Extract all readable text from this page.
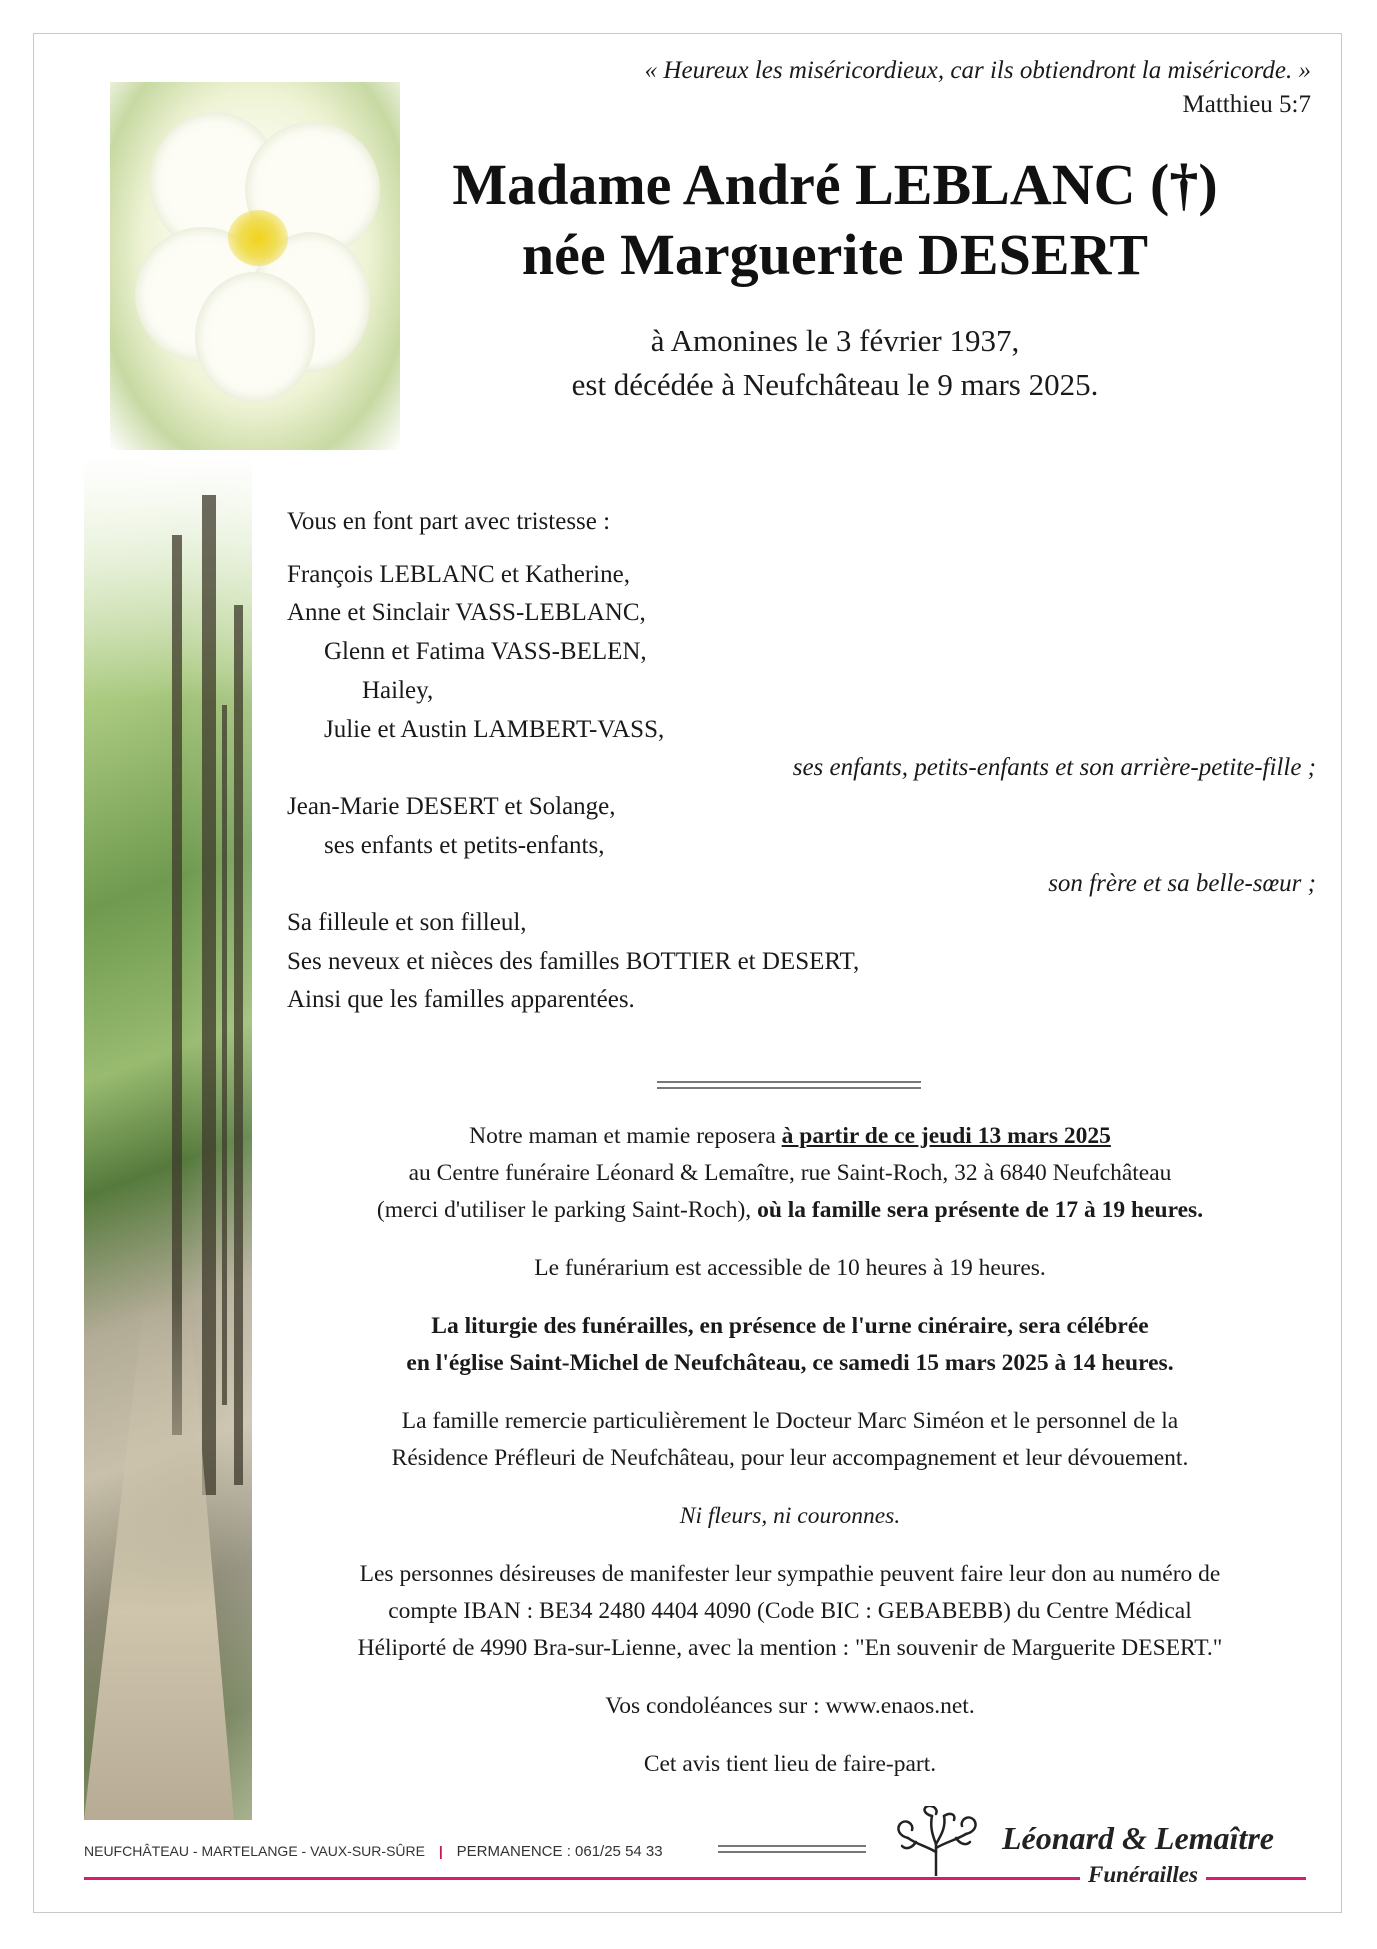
« Heureux les miséricordieux, car ils obtiendront la miséricorde. »
Matthieu 5:7
Madame André LEBLANC (†)
née Marguerite DESERT
à Amonines le 3 février 1937,
est décédée à Neufchâteau le 9 mars 2025.
Vous en font part avec tristesse :
François LEBLANC et Katherine,
Anne et Sinclair VASS-LEBLANC,
Glenn et Fatima VASS-BELEN,
Hailey,
Julie et Austin LAMBERT-VASS,
ses enfants, petits-enfants et son arrière-petite-fille ;
Jean-Marie DESERT et Solange,
ses enfants et petits-enfants,
son frère et sa belle-sœur ;
Sa filleule et son filleul,
Ses neveux et nièces des familles BOTTIER et DESERT,
Ainsi que les familles apparentées.

Notre maman et mamie reposera à partir de ce jeudi 13 mars 2025
au Centre funéraire Léonard & Lemaître, rue Saint-Roch, 32 à 6840 Neufchâteau
(merci d'utiliser le parking Saint-Roch), où la famille sera présente de 17 à 19 heures.

Le funérarium est accessible de 10 heures à 19 heures.

La liturgie des funérailles, en présence de l'urne cinéraire, sera célébrée
en l'église Saint-Michel de Neufchâteau, ce samedi 15 mars 2025 à 14 heures.

La famille remercie particulièrement le Docteur Marc Siméon et le personnel de la
Résidence Préfleuri de Neufchâteau, pour leur accompagnement et leur dévouement.

Ni fleurs, ni couronnes.

Les personnes désireuses de manifester leur sympathie peuvent faire leur don au numéro de
compte IBAN : BE34 2480 4404 4090 (Code BIC : GEBABEBB) du Centre Médical
Héliporté de 4990 Bra-sur-Lienne, avec la mention : "En souvenir de Marguerite DESERT."

Vos condoléances sur : www.enaos.net.

Cet avis tient lieu de faire-part.

NEUFCHÂTEAU - MARTELANGE - VAUX-SUR-SÛRE | PERMANENCE : 061/25 54 33	Léonard & Lemaître
Funérailles
